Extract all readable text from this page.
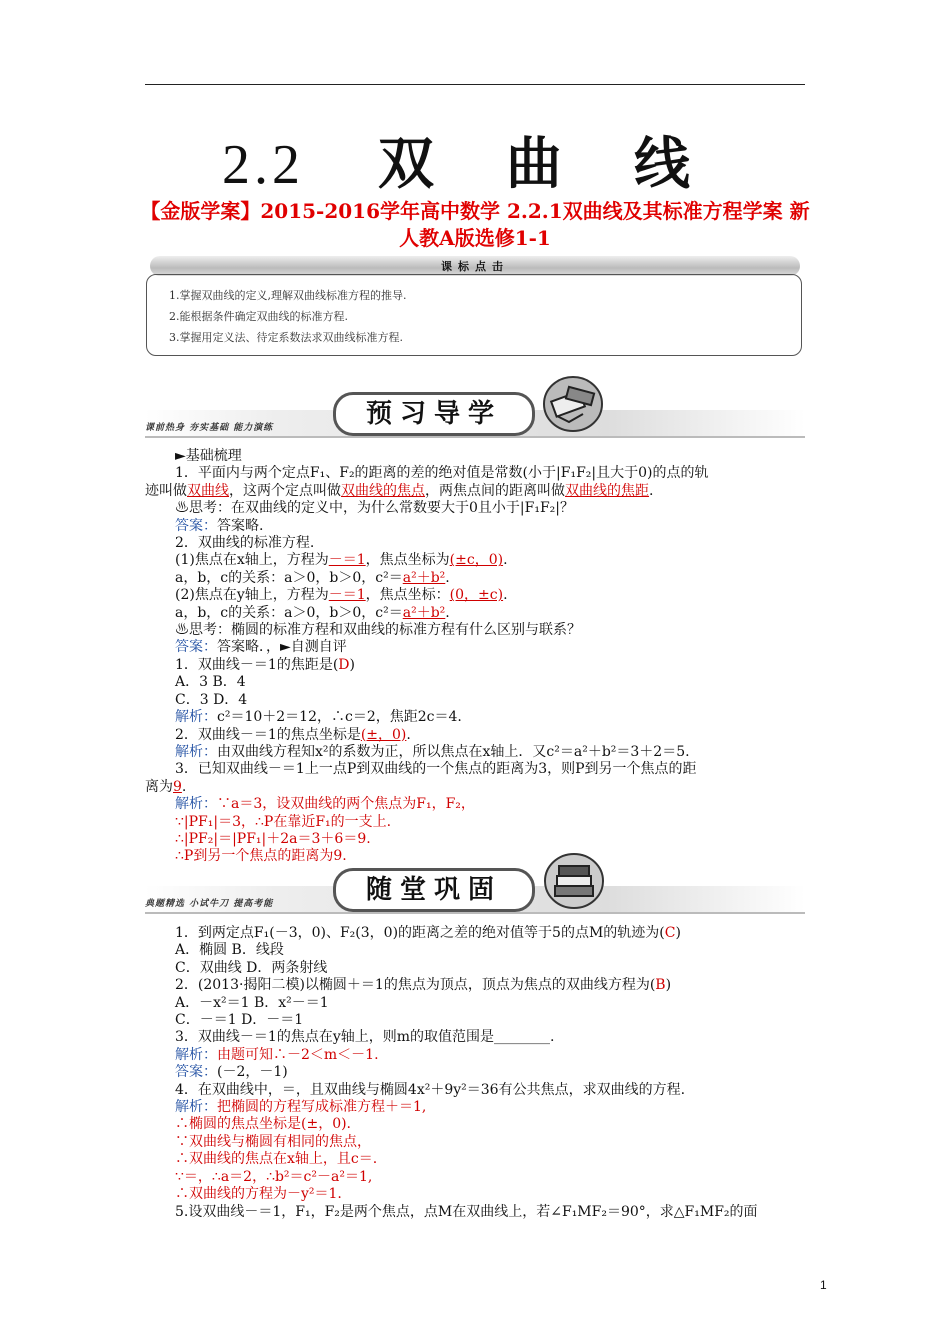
2.2 双 曲 线
【金版学案】2015-2016学年高中数学 2.2.1双曲线及其标准方程学案 新人教A版选修1-1
课标点击
1.掌握双曲线的定义,理解双曲线标准方程的推导.
2.能根据条件确定双曲线的标准方程.
3.掌握用定义法、待定系数法求双曲线标准方程.
课前热身 夯实基础 能力演练	预习导学
►基础梳理
1．平面内与两个定点F₁、F₂的距离的差的绝对值是常数(小于|F₁F₂|且大于0)的点的轨
迹叫做双曲线，这两个定点叫做双曲线的焦点，两焦点间的距离叫做双曲线的焦距.
♨思考：在双曲线的定义中，为什么常数要大于0且小于|F₁F₂|？
答案：答案略.
2．双曲线的标准方程.
(1)焦点在x轴上，方程为－＝1，焦点坐标为(±c，0).
a，b，c的关系：a＞0，b＞0，c²＝a²＋b².
(2)焦点在y轴上，方程为－＝1，焦点坐标：(0，±c).
a，b，c的关系：a＞0，b＞0，c²＝a²＋b².
♨思考：椭圆的标准方程和双曲线的标准方程有什么区别与联系？
答案：答案略．，►自测自评
1．双曲线－＝1的焦距是(D)
A．3 B．4
C．3 D．4
解析：c²＝10＋2＝12，∴c＝2，焦距2c＝4.
2．双曲线－＝1的焦点坐标是(±，0).
解析：由双曲线方程知x²的系数为正，所以焦点在x轴上．又c²＝a²＋b²＝3＋2＝5.
3．已知双曲线－＝1上一点P到双曲线的一个焦点的距离为3，则P到另一个焦点的距
离为9.
解析：∵a＝3，设双曲线的两个焦点为F₁，F₂，
∵|PF₁|＝3，∴P在靠近F₁的一支上.
∴|PF₂|＝|PF₁|＋2a＝3＋6＝9.
∴P到另一个焦点的距离为9.
典题精选 小试牛刀 提高考能	随堂巩固
1．到两定点F₁(－3，0)、F₂(3，0)的距离之差的绝对值等于5的点M的轨迹为(C)
A．椭圆 B．线段
C．双曲线 D．两条射线
2．(2013·揭阳二模)以椭圆＋＝1的焦点为顶点，顶点为焦点的双曲线方程为(B)
A．－x²＝1 B．x²－＝1
C．－＝1 D．－＝1
3．双曲线－＝1的焦点在y轴上，则m的取值范围是________.
解析：由题可知∴－2＜m＜－1.
答案：(－2，－1)
4．在双曲线中，＝，且双曲线与椭圆4x²＋9y²＝36有公共焦点，求双曲线的方程.
解析：把椭圆的方程写成标准方程＋＝1,
∴椭圆的焦点坐标是(±，0).
∵双曲线与椭圆有相同的焦点，
∴双曲线的焦点在x轴上，且c＝.
∵＝，∴a＝2，∴b²＝c²－a²＝1,
∴双曲线的方程为－y²＝1.
5.设双曲线－＝1，F₁，F₂是两个焦点，点M在双曲线上，若∠F₁MF₂＝90°，求△F₁MF₂的面
1
